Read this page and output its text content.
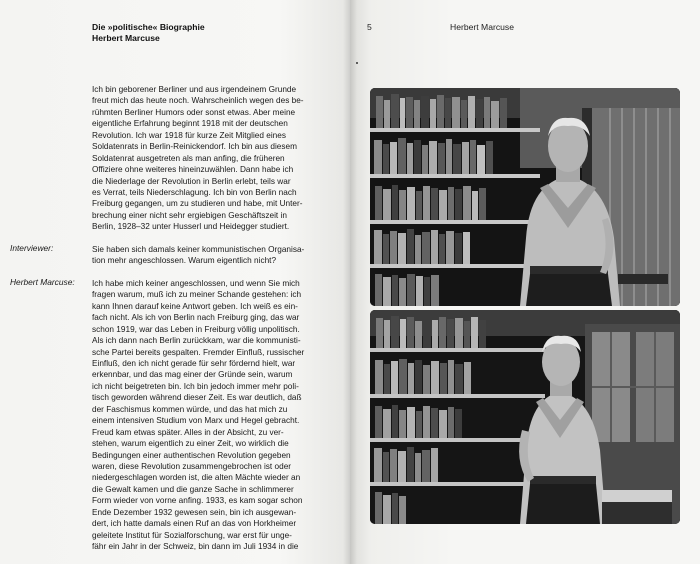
Die »politische« Biographie
Herbert Marcuse
Interviewer:
Herbert Marcuse:
Ich bin geborener Berliner und aus irgendeinem Grunde
freut mich das heute noch. Wahrscheinlich wegen des be-
rühmten Berliner Humors oder sonst etwas. Aber meine
eigentliche Erfahrung beginnt 1918 mit der deutschen
Revolution. Ich war 1918 für kurze Zeit Mitglied eines
Soldatenrats in Berlin-Reinickendorf. Ich bin aus diesem
Soldatenrat ausgetreten als man anfing, die früheren
Offiziere ohne weiteres hineinzuwählen. Dann habe ich
die Niederlage der Revolution in Berlin erlebt, teils war
es Verrat, teils Niederschlagung. Ich bin von Berlin nach
Freiburg gegangen, um zu studieren und habe, mit Unter-
brechung einer nicht sehr ergiebigen Geschäftszeit in
Berlin, 1928–32 unter Husserl und Heidegger studiert.
Sie haben sich damals keiner kommunistischen Organisa-
tion mehr angeschlossen. Warum eigentlich nicht?
Ich habe mich keiner angeschlossen, und wenn Sie mich
fragen warum, muß ich zu meiner Schande gestehen: ich
kann Ihnen darauf keine Antwort geben. Ich weiß es ein-
fach nicht. Als ich von Berlin nach Freiburg ging, das war
schon 1919, war das Leben in Freiburg völlig unpolitisch.
Als ich dann nach Berlin zurückkam, war die kommunisti-
sche Partei bereits gespalten. Fremder Einfluß, russischer
Einfluß, den ich nicht gerade für sehr fördernd hielt, war
erkennbar, und das mag einer der Gründe sein, warum
ich nicht beigetreten bin. Ich bin jedoch immer mehr poli-
tisch geworden während dieser Zeit. Es war deutlich, daß
der Faschismus kommen würde, und das hat mich zu
einem intensiven Studium von Marx und Hegel gebracht.
Freud kam etwas später. Alles in der Absicht, zu ver-
stehen, warum eigentlich zu einer Zeit, wo wirklich die
Bedingungen einer authentischen Revolution gegeben
waren, diese Revolution zusammengebrochen ist oder
niedergeschlagen worden ist, die alten Mächte wieder an
die Gewalt kamen und die ganze Sache in schlimmerer
Form wieder von vorne anfing. 1933, es kam sogar schon
Ende Dezember 1932 gewesen sein, bin ich ausgewan-
dert, ich hatte damals einen Ruf an das von Horkheimer
geleitete Institut für Sozialforschung, war erst für unge-
fähr ein Jahr in der Schweiz, bin dann im Juli 1934 in die
5	Herbert Marcuse
